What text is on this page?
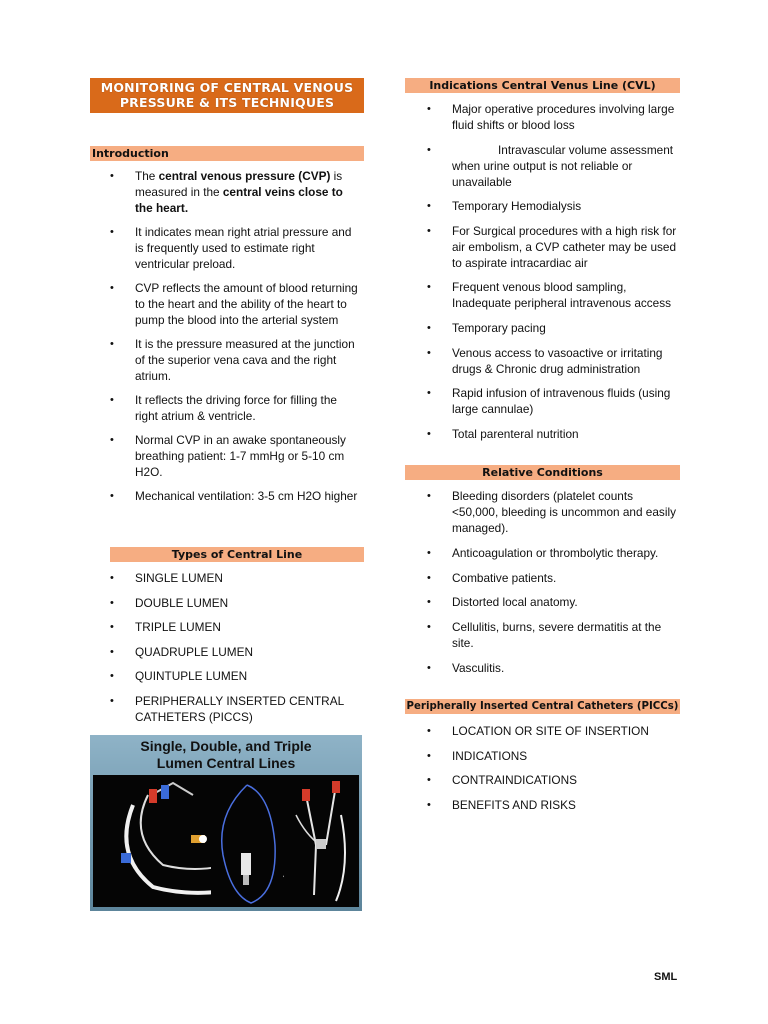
MONITORING OF CENTRAL VENOUS
PRESSURE & ITS TECHNIQUES
Introduction
• The central venous pressure (CVP) is measured in the central veins close to the heart.
• It indicates mean right atrial pressure and is frequently used to estimate right ventricular preload.
• CVP reflects the amount of blood returning to the heart and the ability of the heart to pump the blood into the arterial system
• It is the pressure measured at the junction of the superior vena cava and the right atrium.
• It reflects the driving force for filling the right atrium & ventricle.
• Normal CVP in an awake spontaneously breathing patient: 1-7 mmHg or 5-10 cm H2O.
• Mechanical ventilation: 3-5 cm H2O higher
Types of Central Line
• SINGLE LUMEN
• DOUBLE LUMEN
• TRIPLE LUMEN
• QUADRUPLE LUMEN
• QUINTUPLE LUMEN
• PERIPHERALLY INSERTED CENTRAL CATHETERS (PICCS)
Single, Double, and Triple
Lumen Central Lines
Indications Central Venus Line (CVL)
• Major operative procedures involving large fluid shifts or blood loss
•	Intravascular volume assessment when urine output is not reliable or unavailable
• Temporary Hemodialysis
• For Surgical procedures with a high risk for air embolism, a CVP catheter may be used to aspirate intracardiac air
• Frequent venous blood sampling, Inadequate peripheral intravenous access
• Temporary pacing
• Venous access to vasoactive or irritating drugs & Chronic drug administration
• Rapid infusion of intravenous fluids (using large cannulae)
• Total parenteral nutrition
Relative Conditions
• Bleeding disorders (platelet counts <50,000, bleeding is uncommon and easily managed).
• Anticoagulation or thrombolytic therapy.
• Combative patients.
• Distorted local anatomy.
• Cellulitis, burns, severe dermatitis at the site.
• Vasculitis.
Peripherally Inserted Central Catheters (PICCs)
• LOCATION OR SITE OF INSERTION
• INDICATIONS
• CONTRAINDICATIONS
• BENEFITS AND RISKS
SML
